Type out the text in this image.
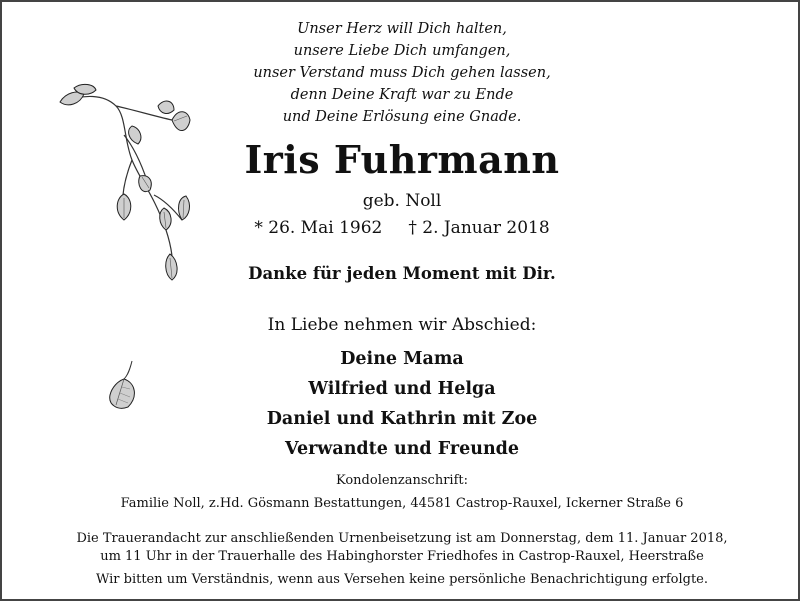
Unser Herz will Dich halten,
unsere Liebe Dich umfangen,
unser Verstand muss Dich gehen lassen,
denn Deine Kraft war zu Ende
und Deine Erlösung eine Gnade.
Iris Fuhrmann
geb. Noll
* 26. Mai 1962 † 2. Januar 2018
Danke für jeden Moment mit Dir.
In Liebe nehmen wir Abschied:
Deine Mama
Wilfried und Helga
Daniel und Kathrin mit Zoe
Verwandte und Freunde
Kondolenzanschrift:
Familie Noll, z.Hd. Gösmann Bestattungen, 44581 Castrop-Rauxel, Ickerner Straße 6
Die Trauerandacht zur anschließenden Urnenbeisetzung ist am Donnerstag, dem 11. Januar 2018,
um 11 Uhr in der Trauerhalle des Habinghorster Friedhofes in Castrop-Rauxel, Heerstraße
Wir bitten um Verständnis, wenn aus Versehen keine persönliche Benachrichtigung erfolgte.
